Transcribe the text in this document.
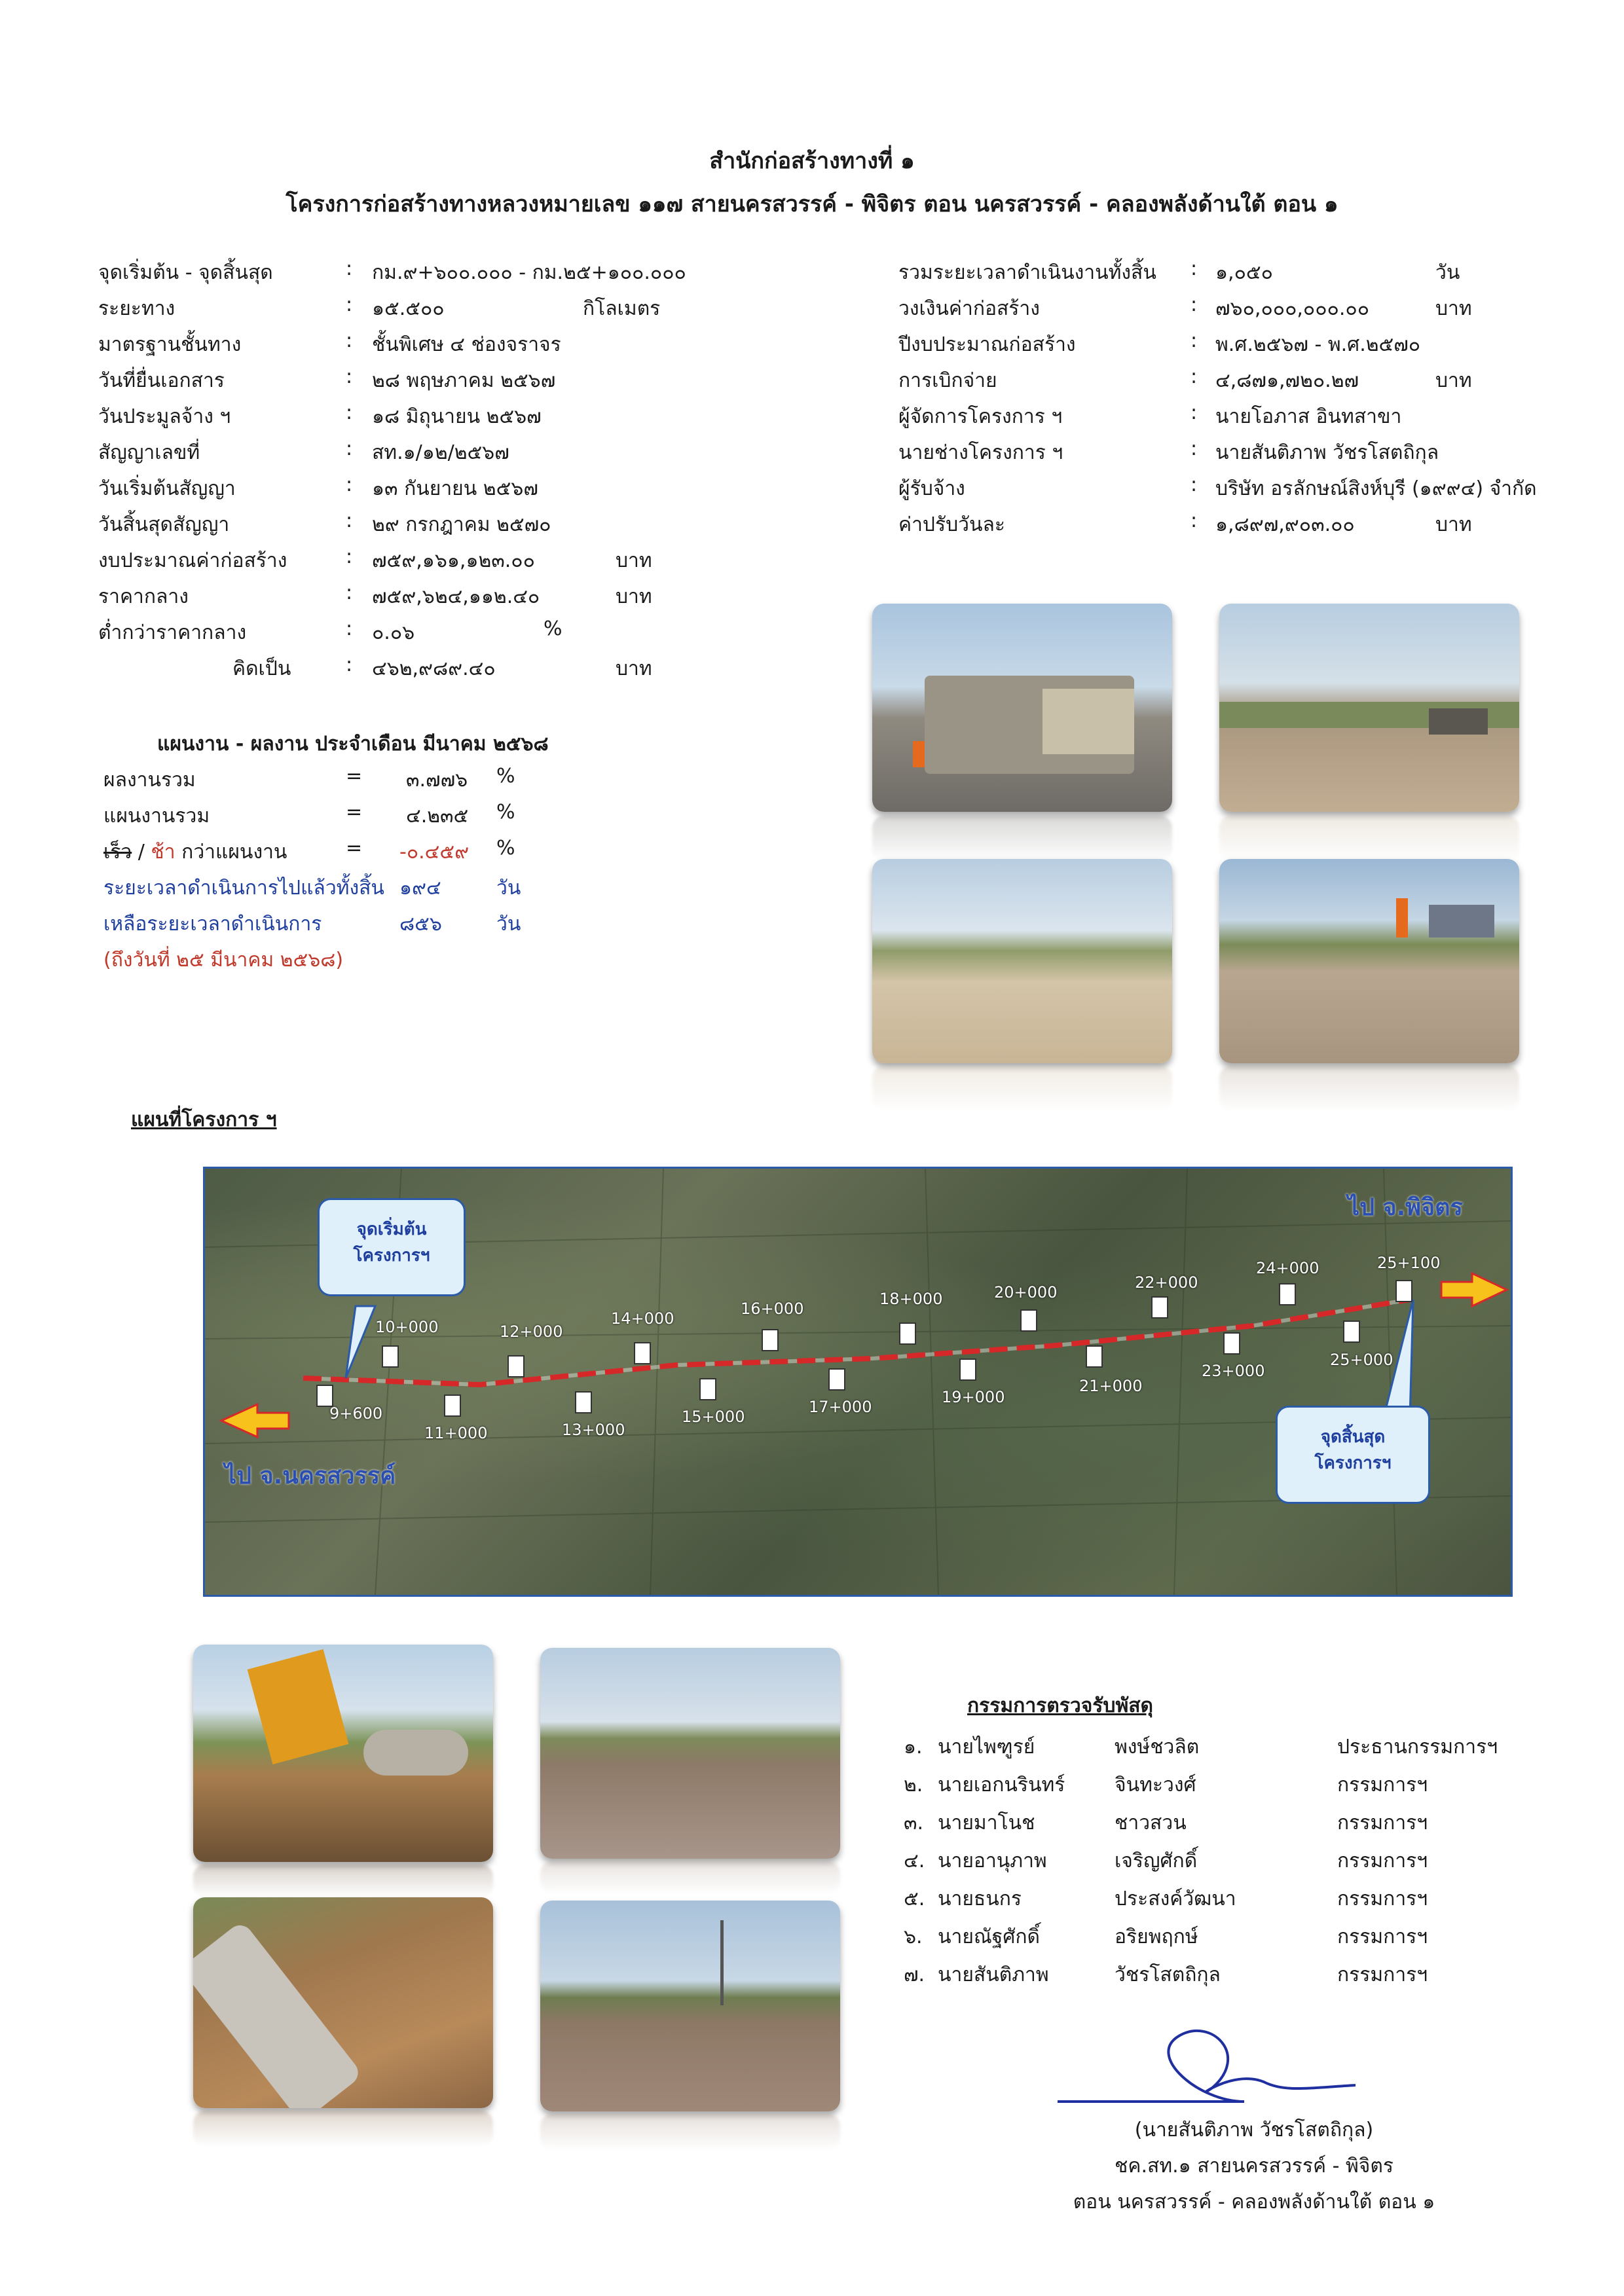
สำนักก่อสร้างทางที่ ๑
โครงการก่อสร้างทางหลวงหมายเลข ๑๑๗ สายนครสวรรค์ - พิจิตร ตอน นครสวรรค์ - คลองพลังด้านใต้ ตอน ๑
จุดเริ่มต้น - จุดสิ้นสุด	: กม.๙+๖๐๐.๐๐๐ - กม.๒๕+๑๐๐.๐๐๐
ระยะทาง	: ๑๕.๕๐๐	กิโลเมตร
มาตรฐานชั้นทาง	: ชั้นพิเศษ ๔ ช่องจราจร
วันที่ยื่นเอกสาร	: ๒๘ พฤษภาคม ๒๕๖๗
วันประมูลจ้าง ฯ	: ๑๘ มิถุนายน ๒๕๖๗
สัญญาเลขที่	: สท.๑/๑๒/๒๕๖๗
วันเริ่มต้นสัญญา	: ๑๓ กันยายน ๒๕๖๗
วันสิ้นสุดสัญญา	: ๒๙ กรกฎาคม ๒๕๗๐
งบประมาณค่าก่อสร้าง	: ๗๕๙,๑๖๑,๑๒๓.๐๐	บาท
ราคากลาง	: ๗๕๙,๖๒๔,๑๑๒.๔๐	บาท
ต่ำกว่าราคากลาง	: ๐.๐๖	%
คิดเป็น	: ๔๖๒,๙๘๙.๔๐	บาท
รวมระยะเวลาดำเนินงานทั้งสิ้น : ๑,๐๕๐	วัน
วงเงินค่าก่อสร้าง	: ๗๖๐,๐๐๐,๐๐๐.๐๐	บาท
ปีงบประมาณก่อสร้าง	: พ.ศ.๒๕๖๗ - พ.ศ.๒๕๗๐
การเบิกจ่าย	: ๔,๘๗๑,๗๒๐.๒๗	บาท
ผู้จัดการโครงการ ฯ	: นายโอภาส อินทสาขา
นายช่างโครงการ ฯ	: นายสันติภาพ วัชรโสตถิกุล
ผู้รับจ้าง	: บริษัท อรลักษณ์สิงห์บุรี (๑๙๙๔) จำกัด
ค่าปรับวันละ	: ๑,๘๙๗,๙๐๓.๐๐	บาท
แผนงาน - ผลงาน ประจำเดือน มีนาคม ๒๕๖๘
ผลงานรวม	= ๓.๗๗๖ %
แผนงานรวม	= ๔.๒๓๕ %
เร็ว / ช้า กว่าแผนงาน	= -๐.๔๕๙ %
ระยะเวลาดำเนินการไปแล้วทั้งสิ้น ๑๙๔	วัน
เหลือระยะเวลาดำเนินการ	๘๕๖	วัน
(ถึงวันที่ ๒๕ มีนาคม ๒๕๖๘)
แผนที่โครงการ ฯ
จุดเริ่มต้น
โครงการฯ
จุดสิ้นสุด
โครงการฯ
ไป จ.พิจิตร
ไป จ.นครสวรรค์
9+600
10+000
11+000
12+000
13+000
14+000
15+000
16+000
17+000
18+000
19+000
20+000
21+000
22+000
23+000
24+000
25+000
25+100
กรรมการตรวจรับพัสดุ
๑. นายไพฑูรย์	พงษ์ชวลิต	ประธานกรรมการฯ
๒. นายเอกนรินทร์	จินทะวงศ์	กรรมการฯ
๓. นายมาโนช	ชาวสวน	กรรมการฯ
๔. นายอานุภาพ	เจริญศักดิ์	กรรมการฯ
๕. นายธนกร	ประสงค์วัฒนา	กรรมการฯ
๖. นายณัฐศักดิ์	อริยพฤกษ์	กรรมการฯ
๗. นายสันติภาพ	วัชรโสตถิกุล	กรรมการฯ
(นายสันติภาพ วัชรโสตถิกุล)
ชค.สท.๑ สายนครสวรรค์ - พิจิตร
ตอน นครสวรรค์ - คลองพลังด้านใต้ ตอน ๑
